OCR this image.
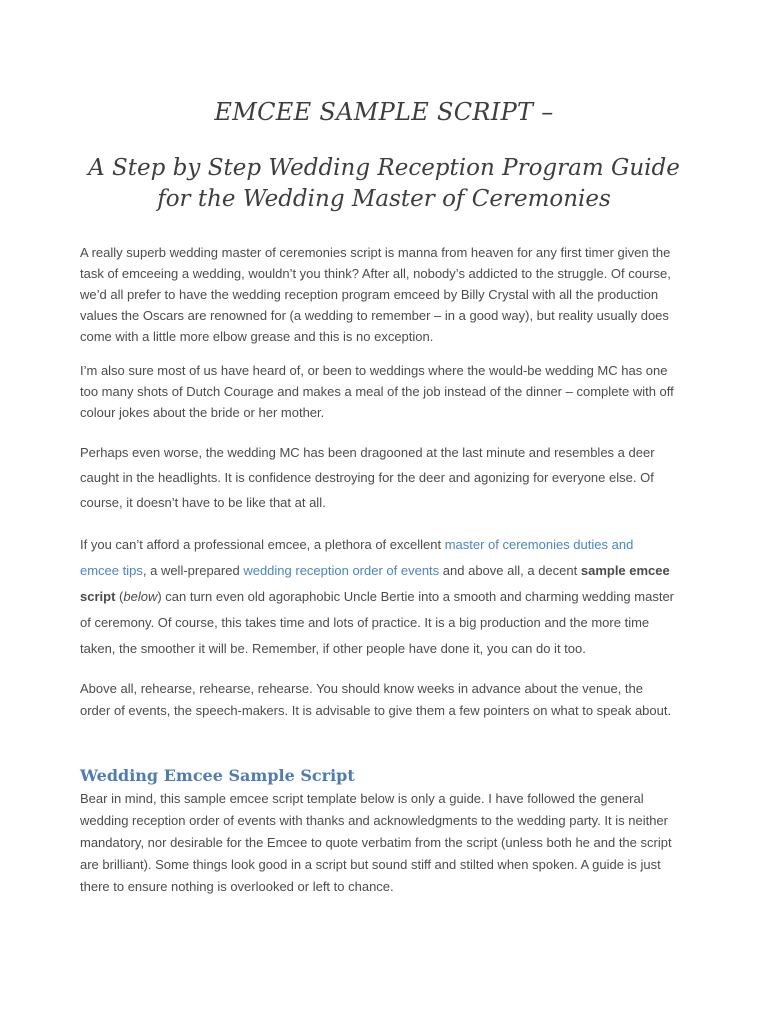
EMCEE SAMPLE SCRIPT –
A Step by Step Wedding Reception Program Guide
for the Wedding Master of Ceremonies

A really superb wedding master of ceremonies script is manna from heaven for any first timer given the task of emceeing a wedding, wouldn’t you think? After all, nobody’s addicted to the struggle. Of course, we’d all prefer to have the wedding reception program emceed by Billy Crystal with all the production values the Oscars are renowned for (a wedding to remember – in a good way), but reality usually does come with a little more elbow grease and this is no exception.

I’m also sure most of us have heard of, or been to weddings where the would-be wedding MC has one too many shots of Dutch Courage and makes a meal of the job instead of the dinner – complete with off colour jokes about the bride or her mother.

Perhaps even worse, the wedding MC has been dragooned at the last minute and resembles a deer caught in the headlights. It is confidence destroying for the deer and agonizing for everyone else. Of course, it doesn’t have to be like that at all.

If you can’t afford a professional emcee, a plethora of excellent master of ceremonies duties and emcee tips, a well-prepared wedding reception order of events and above all, a decent sample emcee script (below) can turn even old agoraphobic Uncle Bertie into a smooth and charming wedding master of ceremony. Of course, this takes time and lots of practice. It is a big production and the more time taken, the smoother it will be. Remember, if other people have done it, you can do it too.

Above all, rehearse, rehearse, rehearse. You should know weeks in advance about the venue, the order of events, the speech-makers. It is advisable to give them a few pointers on what to speak about.

Wedding Emcee Sample Script

Bear in mind, this sample emcee script template below is only a guide. I have followed the general wedding reception order of events with thanks and acknowledgments to the wedding party. It is neither mandatory, nor desirable for the Emcee to quote verbatim from the script (unless both he and the script are brilliant). Some things look good in a script but sound stiff and stilted when spoken. A guide is just there to ensure nothing is overlooked or left to chance.
